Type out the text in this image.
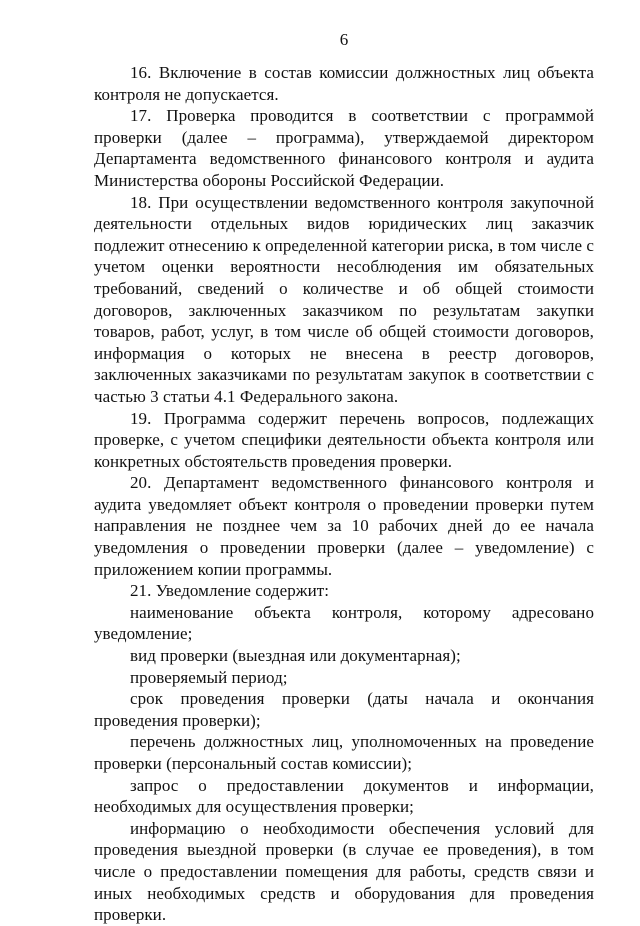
6

16. Включение в состав комиссии должностных лиц объекта контроля не допускается.

17. Проверка проводится в соответствии с программой проверки (далее – программа), утверждаемой директором Департамента ведомственного финансового контроля и аудита Министерства обороны Российской Федерации.

18. При осуществлении ведомственного контроля закупочной деятельности отдельных видов юридических лиц заказчик подлежит отнесению к определенной категории риска, в том числе с учетом оценки вероятности несоблюдения им обязательных требований, сведений о количестве и об общей стоимости договоров, заключенных заказчиком по результатам закупки товаров, работ, услуг, в том числе об общей стоимости договоров, информация о которых не внесена в реестр договоров, заключенных заказчиками по результатам закупок в соответствии с частью 3 статьи 4.1 Федерального закона.

19. Программа содержит перечень вопросов, подлежащих проверке, с учетом специфики деятельности объекта контроля или конкретных обстоятельств проведения проверки.

20. Департамент ведомственного финансового контроля и аудита уведомляет объект контроля о проведении проверки путем направления не позднее чем за 10 рабочих дней до ее начала уведомления о проведении проверки (далее – уведомление) с приложением копии программы.

21. Уведомление содержит:

наименование объекта контроля, которому адресовано уведомление;

вид проверки (выездная или документарная);

проверяемый период;

срок проведения проверки (даты начала и окончания проведения проверки);

перечень должностных лиц, уполномоченных на проведение проверки (персональный состав комиссии);

запрос о предоставлении документов и информации, необходимых для осуществления проверки;

информацию о необходимости обеспечения условий для проведения выездной проверки (в случае ее проведения), в том числе о предоставлении помещения для работы, средств связи и иных необходимых средств и оборудования для проведения проверки.
